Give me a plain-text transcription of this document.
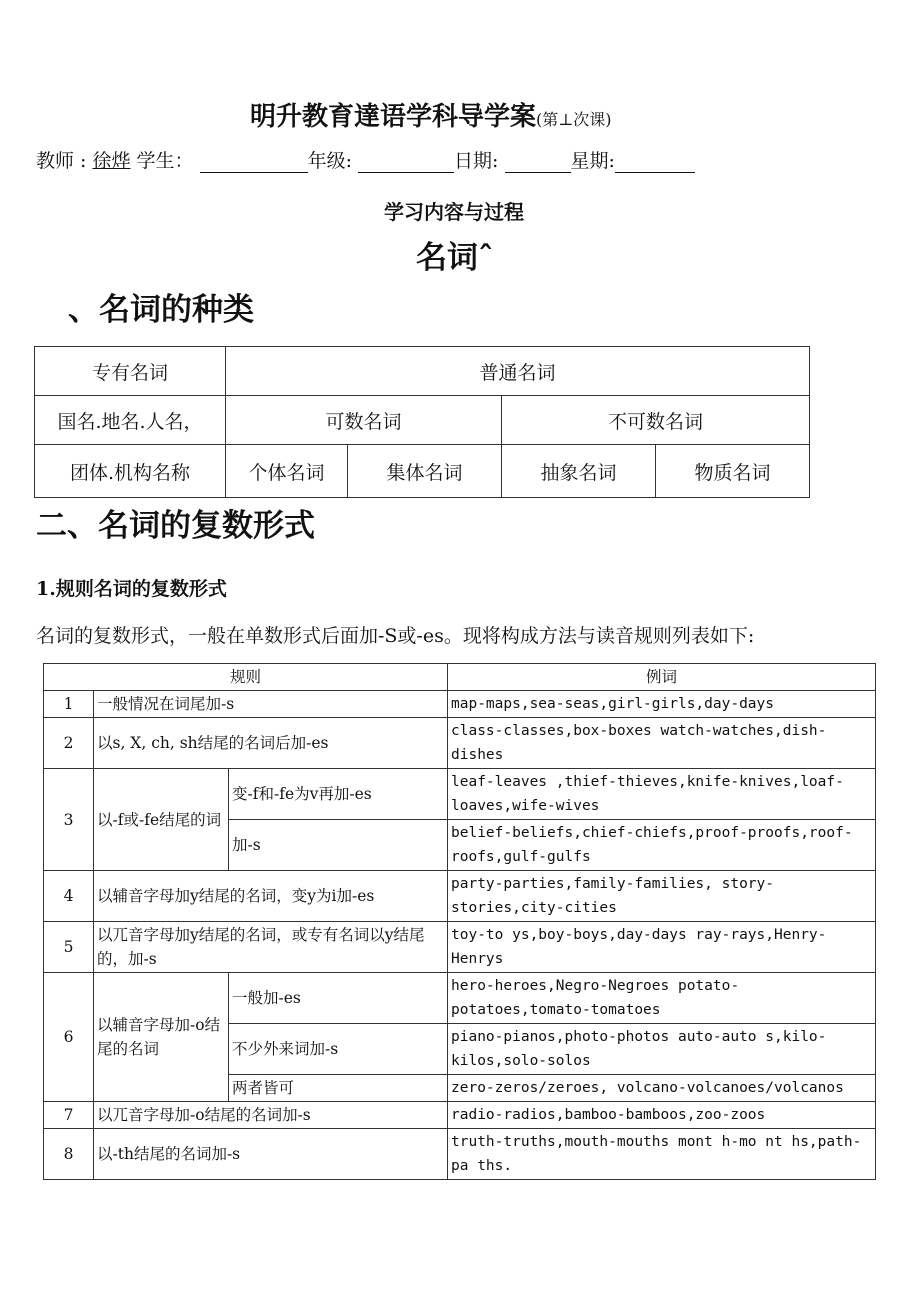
明升教育達语学科导学案(第⊥次课)
教师 : 徐烨 学生：	年级:	日期:	星期:
学习内容与过程
名词ˆ
、名词的种类
专有名词	普通名词			
国名.地名.人名，	可数名词		不可数名词	
团体.机构名称	个体名词	集体名词	抽象名词	物质名词
二、名词的复数形式
1.规则名词的复数形式
名词的复数形式，一般在单数形式后面加-S或-es。现将构成方法与读音规则列表如下:
规则			例词
1	一般情况在词尾加-s		map-maps,sea-seas,girl-girls,day-days
2	以s, X, ch, sh结尾的名词后加-es		class-classes,box-boxes watch-watches,dish-dishes
3	以-f或-fe结尾的词	变-f和-fe为v再加-es	leaf-leaves ,thief-thieves,knife-knives,loaf-loaves,wife-wives
		加-s	belief-beliefs,chief-chiefs,proof-proofs,roof-roofs,gulf-gulfs
4	以辅音字母加y结尾的名词，变y为i加-es		party-parties,family-families, story-stories,city-cities
5	以兀音字母加y结尾的名词，或专有名词以y结尾的，加-s		toy-to ys,boy-boys,day-days ray-rays,Henry-Henrys
6	以辅音字母加-o结尾的名词	一般加-es	hero-heroes,Negro-Negroes potato-potatoes,tomato-tomatoes
		不少外来词加-s	piano-pianos,photo-photos auto-auto s,kilo-kilos,solo-solos
		两者皆可	zero-zeros/zeroes, volcano-volcanoes/volcanos
7	以兀音字母加-o结尾的名词加-s		radio-radios,bamboo-bamboos,zoo-zoos
8	以-th结尾的名词加-s		truth-truths,mouth-mouths mont h-mo nt hs,path-pa ths.
